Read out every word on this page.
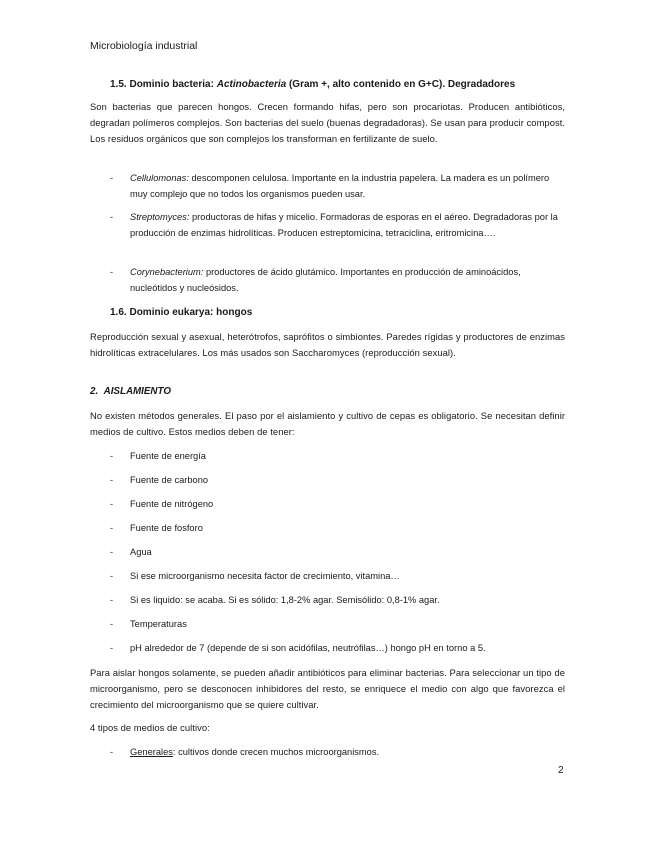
Microbiología industrial
1.5. Dominio bacteria: Actinobacteria (Gram +, alto contenido en G+C). Degradadores

Son bacterias que parecen hongos. Crecen formando hifas, pero son procariotas. Producen antibióticos, degradan polímeros complejos. Son bacterias del suelo (buenas degradadoras). Se usan para producir compost. Los residuos orgánicos que son complejos los transforman en fertilizante de suelo.

-	Cellulomonas: descomponen celulosa. Importante en la industria papelera. La madera es un polímero muy complejo que no todos los organismos pueden usar.
-	Streptomyces: productoras de hifas y micelio. Formadoras de esporas en el aéreo. Degradadoras por la producción de enzimas hidrolíticas. Producen estreptomicina, tetraciclina, eritromicina….
-	Corynebacterium: productores de ácido glutámico. Importantes en producción de aminoácidos, nucleótidos y nucleósidos.
1.6. Dominio eukarya: hongos

Reproducción sexual y asexual, heterótrofos, saprófitos o simbiontes. Paredes rígidas y productores de enzimas hidrolíticas extracelulares. Los más usados son Saccharomyces (reproducción sexual).

2. AISLAMIENTO

No existen métodos generales. El paso por el aislamiento y cultivo de cepas es obligatorio. Se necesitan definir medios de cultivo. Estos medios deben de tener:

-	Fuente de energía
-	Fuente de carbono
-	Fuente de nitrógeno
-	Fuente de fosforo
-	Agua
-	Si ese microorganismo necesita factor de crecimiento, vitamina…
-	Si es liquido: se acaba. Si es sólido: 1,8-2% agar. Semisólido: 0,8-1% agar.
-	Temperaturas
-	pH alrededor de 7 (depende de si son acidófilas, neutrófilas…) hongo pH en torno a 5.

Para aislar hongos solamente, se pueden añadir antibióticos para eliminar bacterias. Para seleccionar un tipo de microorganismo, pero se desconocen inhibidores del resto, se enriquece el medio con algo que favorezca el crecimiento del microorganismo que se quiere cultivar.

4 tipos de medios de cultivo:

-	Generales: cultivos donde crecen muchos microorganismos.
2
